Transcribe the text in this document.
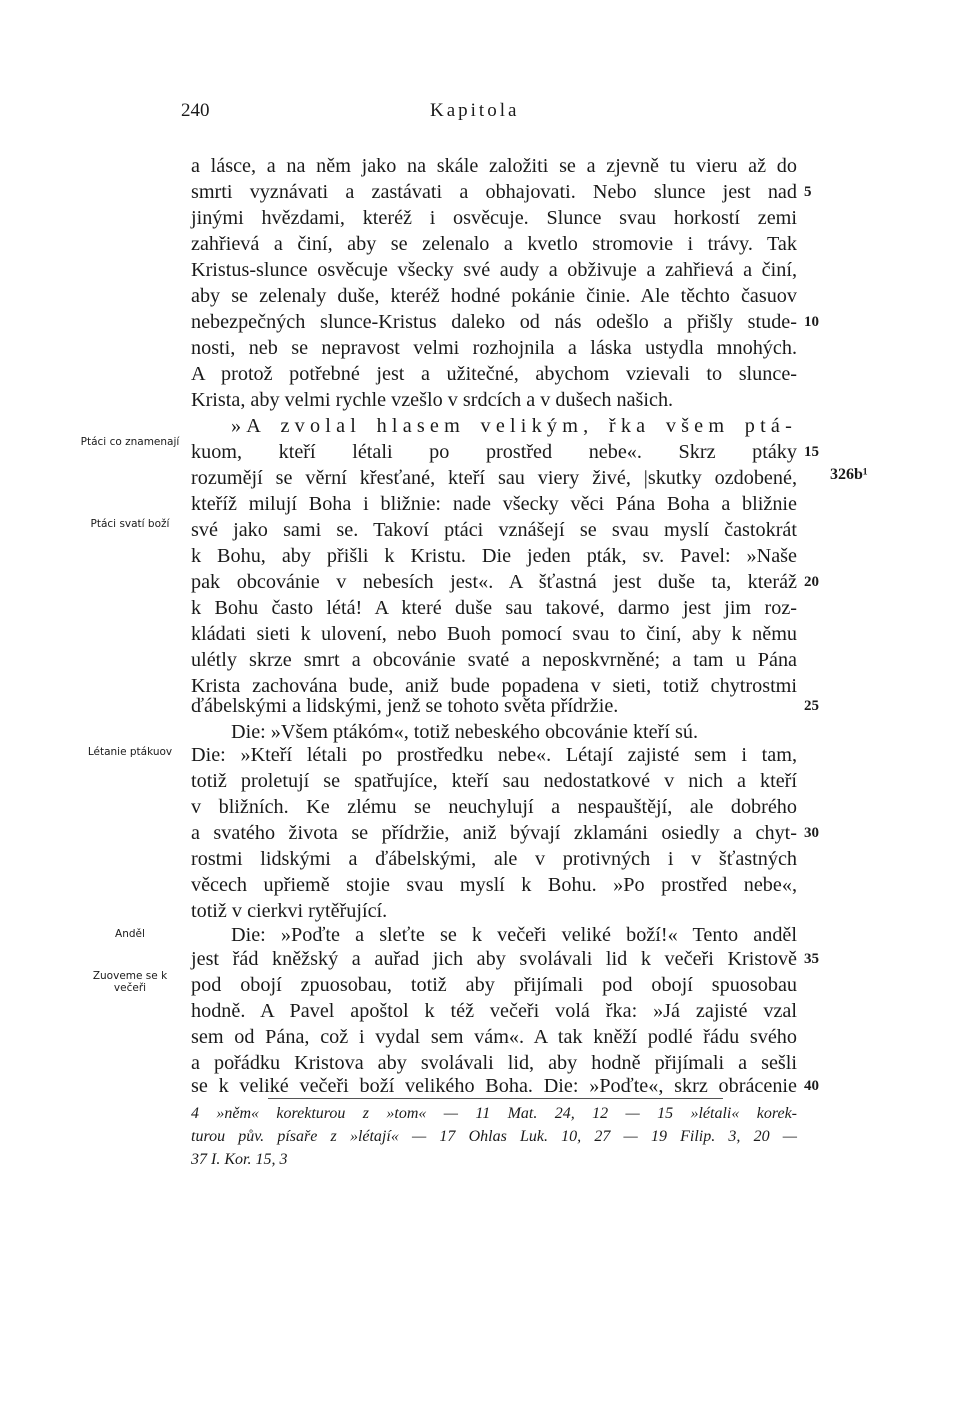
240	Kapitola
a lásce, a na něm jako na skále založiti se a zjevně tu vieru až do
smrti vyznávati a zastávati a obhajovati. Nebo slunce jest nad
jinými hvězdami, kteréž i osvěcuje. Slunce svau horkostí zemi
zahřievá a činí, aby se zelenalo a kvetlo stromovie i trávy. Tak
Kristus-slunce osvěcuje všecky své audy a obživuje a zahřievá a činí,
aby se zelenaly duše, kteréž hodné pokánie činie. Ale těchto časuov
nebezpečných slunce-Kristus daleko od nás odešlo a přišly stude-
nosti, neb se nepravost velmi rozhojnila a láska ustydla mnohých.
A protož potřebné jest a užitečné, abychom vzievali to slunce-
Krista, aby velmi rychle vzešlo v srdcích a v dušech našich.
»A zvolal hlasem velikým, řka všem ptá-
kuom, kteří létali po prostřed nebe«. Skrz ptáky
rozumějí se věrní křesťané, kteří sau viery živé, |skutky ozdobené,
kteříž milují Boha i bližnie: nade všecky věci Pána Boha a bližnie
své jako sami se. Takoví ptáci vznášejí se svau myslí častokrát
k Bohu, aby přišli k Kristu. Die jeden pták, sv. Pavel: »Naše
pak obcovánie v nebesích jest«. A šťastná jest duše ta, kteráž
k Bohu často létá! A které duše sau takové, darmo jest jim roz-
kládati sieti k ulovení, nebo Buoh pomocí svau to činí, aby k němu
ulétly skrze smrt a obcovánie svaté a neposkvrněné; a tam u Pána
Krista zachována bude, aniž bude popadena v sieti, totiž chytrostmi
ďábelskými a lidskými, jenž se tohoto světa přídržie.
Die: »Všem ptákóm«, totiž nebeského obcovánie kteří sú.
Die: »Kteří létali po prostředku nebe«. Létají zajisté sem i tam,
totiž proletují se spatřujíce, kteří sau nedostatkové v nich a kteří
v bližních. Ke zlému se neuchylují a nespauštějí, ale dobrého
a svatého života se přídržie, aniž bývají zklamáni osiedly a chyt-
rostmi lidskými a ďábelskými, ale v protivných i v šťastných
věcech upřiemě stojie svau myslí k Bohu. »Po prostřed nebe«,
totiž v cierkvi rytěřující.
Die: »Poďte a sleťte se k večeři veliké boží!« Tento anděl
jest řád kněžský a auřad jich aby svolávali lid k večeři Kristově
pod obojí zpuosobau, totiž aby přijímali pod obojí spuosobau
hodně. A Pavel apoštol k též večeři volá řka: »Já zajisté vzal
sem od Pána, což i vydal sem vám«. A tak kněží podlé řádu svého
a pořádku Kristova aby svolávali lid, aby hodně přijímali a sešli
se k veliké večeři boží velikého Boha. Die: »Poďte«, skrz obrácenie
5
10
15
20
25
30
35
40
326b¹
Ptáci co znamenají
Ptáci svatí boží
Létanie ptákuov
Anděl
Zuoveme se k večeři
4 »něm« korekturou z »tom« — 11 Mat. 24, 12 — 15 »létali« korek-
turou pův. písaře z »létají« — 17 Ohlas Luk. 10, 27 — 19 Filip. 3, 20 —
37 I. Kor. 15, 3
